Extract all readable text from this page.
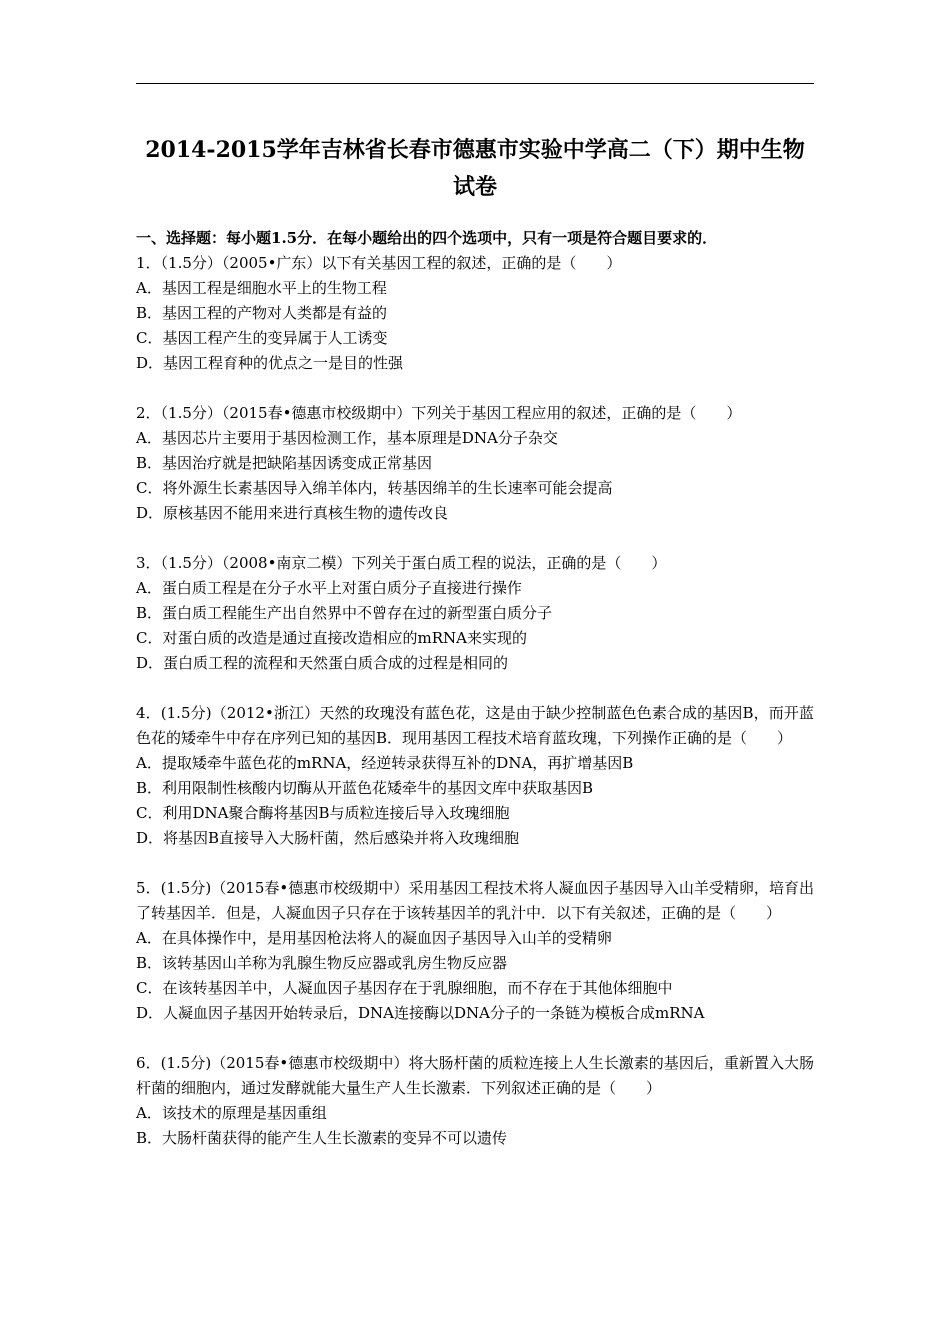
2014-2015学年吉林省长春市德惠市实验中学高二（下）期中生物
试卷

一、选择题：每小题1.5分．在每小题给出的四个选项中，只有一项是符合题目要求的．

1．（1.5分）（2005•广东）以下有关基因工程的叙述，正确的是（　　）

A．基因工程是细胞水平上的生物工程

B．基因工程的产物对人类都是有益的

C．基因工程产生的变异属于人工诱变

D．基因工程育种的优点之一是目的性强

2．（1.5分）（2015春•德惠市校级期中）下列关于基因工程应用的叙述，正确的是（　　）

A．基因芯片主要用于基因检测工作，基本原理是DNA分子杂交

B．基因治疗就是把缺陷基因诱变成正常基因

C．将外源生长素基因导入绵羊体内，转基因绵羊的生长速率可能会提高

D．原核基因不能用来进行真核生物的遗传改良

3．（1.5分）（2008•南京二模）下列关于蛋白质工程的说法，正确的是（　　）

A．蛋白质工程是在分子水平上对蛋白质分子直接进行操作

B．蛋白质工程能生产出自然界中不曾存在过的新型蛋白质分子

C．对蛋白质的改造是通过直接改造相应的mRNA来实现的

D．蛋白质工程的流程和天然蛋白质合成的过程是相同的

4．(1.5分)（2012•浙江）天然的玫瑰没有蓝色花，这是由于缺少控制蓝色色素合成的基因B，而开蓝色花的矮牵牛中存在序列已知的基因B．现用基因工程技术培育蓝玫瑰，下列操作正确的是（　　）

A．提取矮牵牛蓝色花的mRNA，经逆转录获得互补的DNA，再扩增基因B

B．利用限制性核酸内切酶从开蓝色花矮牵牛的基因文库中获取基因B

C．利用DNA聚合酶将基因B与质粒连接后导入玫瑰细胞

D．将基因B直接导入大肠杆菌，然后感染并将入玫瑰细胞

5．(1.5分)（2015春•德惠市校级期中）采用基因工程技术将人凝血因子基因导入山羊受精卵，培育出了转基因羊．但是，人凝血因子只存在于该转基因羊的乳汁中．以下有关叙述，正确的是（　　）

A．在具体操作中，是用基因枪法将人的凝血因子基因导入山羊的受精卵

B．该转基因山羊称为乳腺生物反应器或乳房生物反应器

C．在该转基因羊中，人凝血因子基因存在于乳腺细胞，而不存在于其他体细胞中

D．人凝血因子基因开始转录后，DNA连接酶以DNA分子的一条链为模板合成mRNA

6．(1.5分)（2015春•德惠市校级期中）将大肠杆菌的质粒连接上人生长激素的基因后，重新置入大肠杆菌的细胞内，通过发酵就能大量生产人生长激素．下列叙述正确的是（　　）

A．该技术的原理是基因重组

B．大肠杆菌获得的能产生人生长激素的变异不可以遗传
